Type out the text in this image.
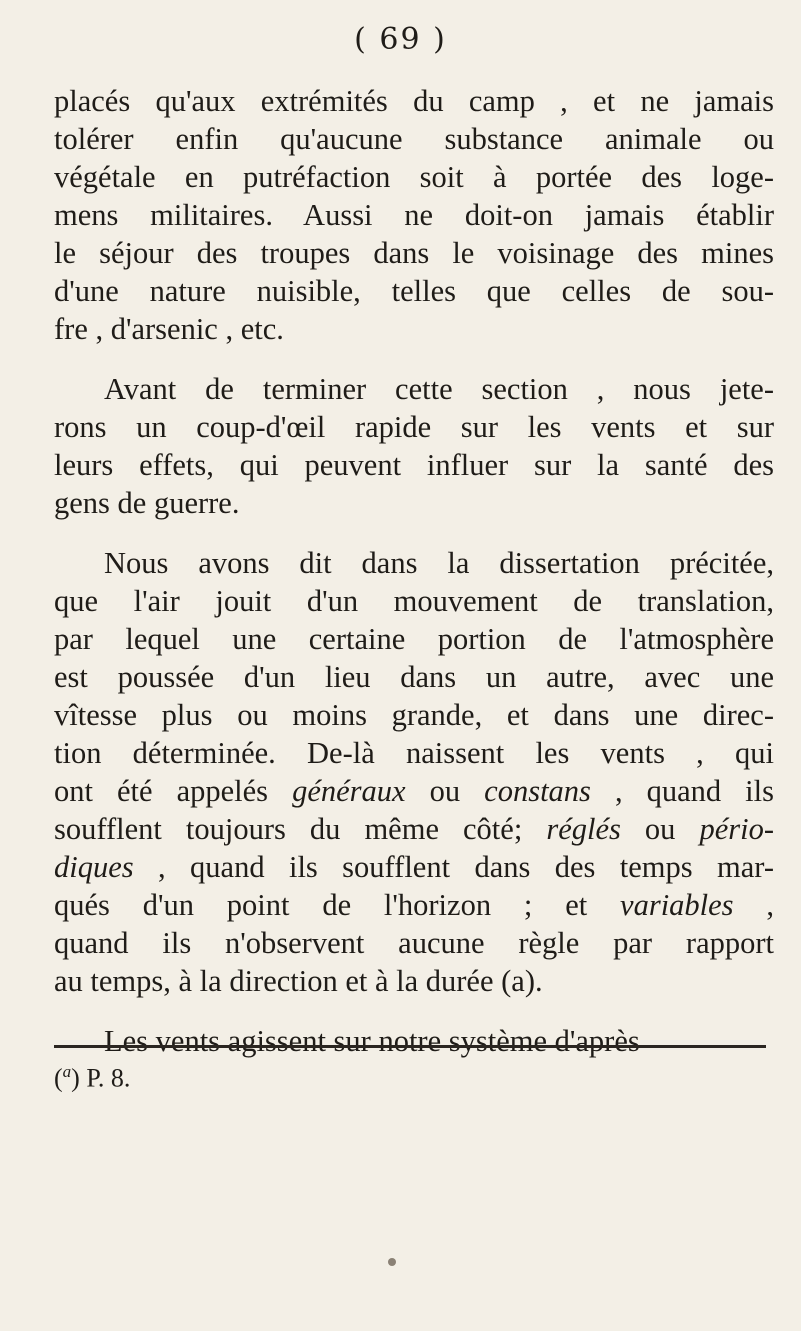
( 69 )
placés qu'aux extrémités du camp , et ne jamais
tolérer enfin qu'aucune substance animale ou
végétale en putréfaction soit à portée des loge-
mens militaires. Aussi ne doit-on jamais établir
le séjour des troupes dans le voisinage des mines
d'une nature nuisible, telles que celles de sou-
fre , d'arsenic , etc.
Avant de terminer cette section , nous jete-
rons un coup-d'œil rapide sur les vents et sur
leurs effets, qui peuvent influer sur la santé des
gens de guerre.
Nous avons dit dans la dissertation précitée,
que l'air jouit d'un mouvement de translation,
par lequel une certaine portion de l'atmosphère
est poussée d'un lieu dans un autre, avec une
vîtesse plus ou moins grande, et dans une direc-
tion déterminée. De-là naissent les vents , qui
ont été appelés généraux ou constans , quand ils
soufflent toujours du même côté; réglés ou pério-
diques , quand ils soufflent dans des temps mar-
qués d'un point de l'horizon ; et variables ,
quand ils n'observent aucune règle par rapport
au temps, à la direction et à la durée (a).
Les vents agissent sur notre système d'après
($^a$) P. 8.
